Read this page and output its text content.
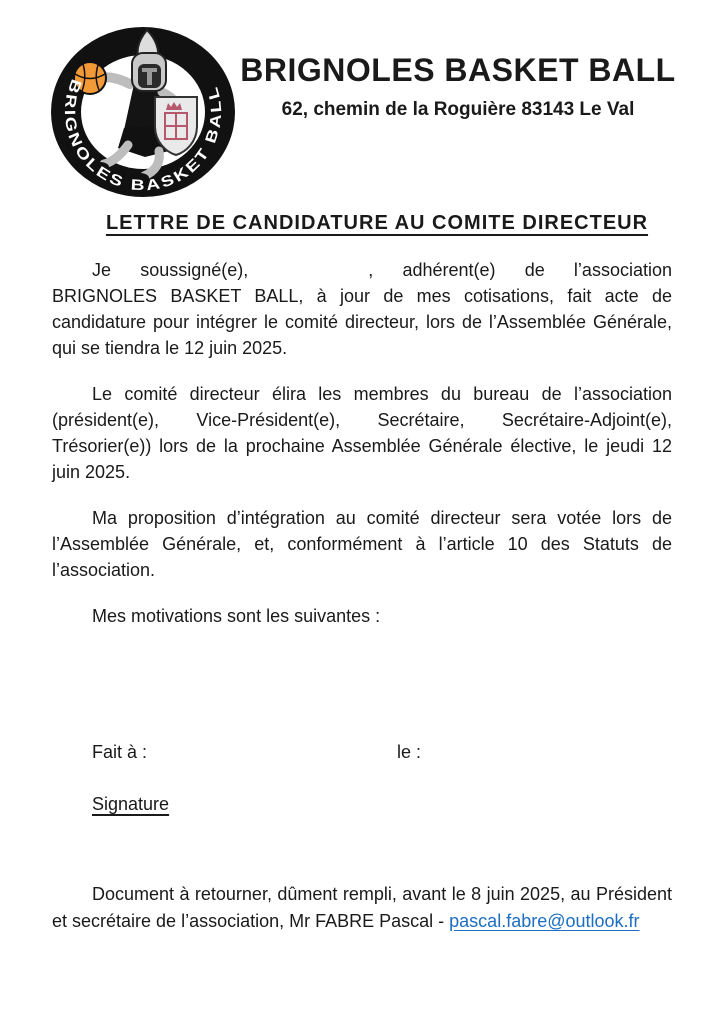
BRIGNOLES BASKET BALL
BRIGNOLES BASKET BALL
62, chemin de la Roguière 83143 Le Val
LETTRE DE CANDIDATURE AU COMITE DIRECTEUR

Je soussigné(e),	, adhérent(e) de l’association BRIGNOLES BASKET BALL, à jour de mes cotisations, fait acte de candidature pour intégrer le comité directeur, lors de l’Assemblée Générale, qui se tiendra le 12 juin 2025.

Le comité directeur élira les membres du bureau de l’association (président(e), Vice-Président(e), Secrétaire, Secrétaire-Adjoint(e), Trésorier(e)) lors de la prochaine Assemblée Générale élective, le jeudi 12 juin 2025.

Ma proposition d’intégration au comité directeur sera votée lors de l’Assemblée Générale, et, conformément à l’article 10 des Statuts de l’association.

Mes motivations sont les suivantes :

Fait à :	le :

Signature

Document à retourner, dûment rempli, avant le 8 juin 2025, au Président et secrétaire de l’association, Mr FABRE Pascal - pascal.fabre@outlook.fr
